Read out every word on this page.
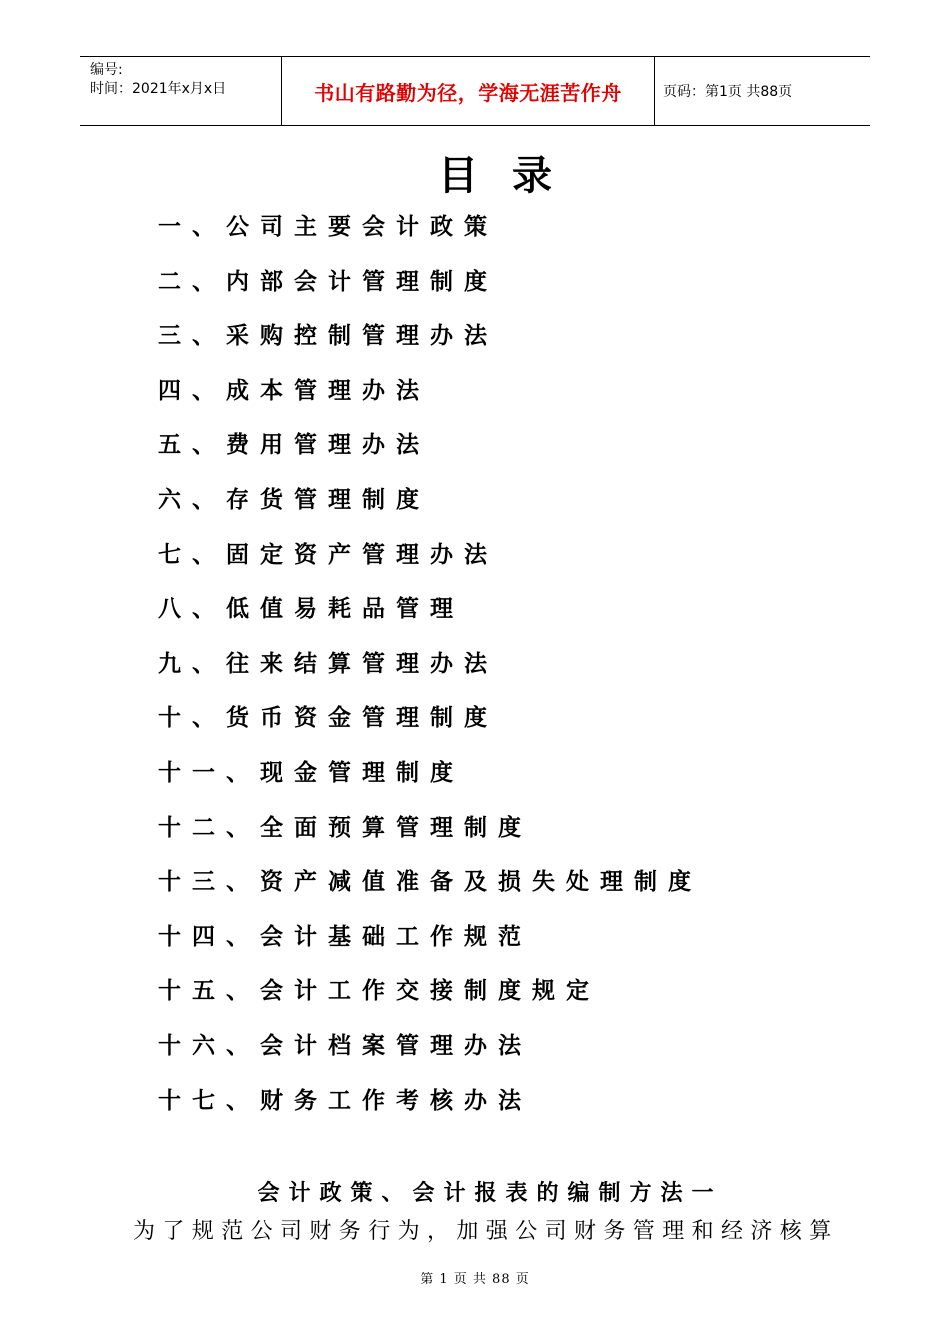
编号:
时间：2021年x月x日	书山有路勤为径，学海无涯苦作舟	页码：第1页 共88页
目录
一、公司主要会计政策
二、内部会计管理制度
三、采购控制管理办法
四、成本管理办法
五、费用管理办法
六、存货管理制度
七、固定资产管理办法
八、低值易耗品管理
九、往来结算管理办法
十、货币资金管理制度
十一、现金管理制度
十二、全面预算管理制度
十三、资产减值准备及损失处理制度
十四、会计基础工作规范
十五、会计工作交接制度规定
十六、会计档案管理办法
十七、财务工作考核办法
会计政策、会计报表的编制方法一
为了规范公司财务行为，加强公司财务管理和经济核算
第 1 页 共 88 页
